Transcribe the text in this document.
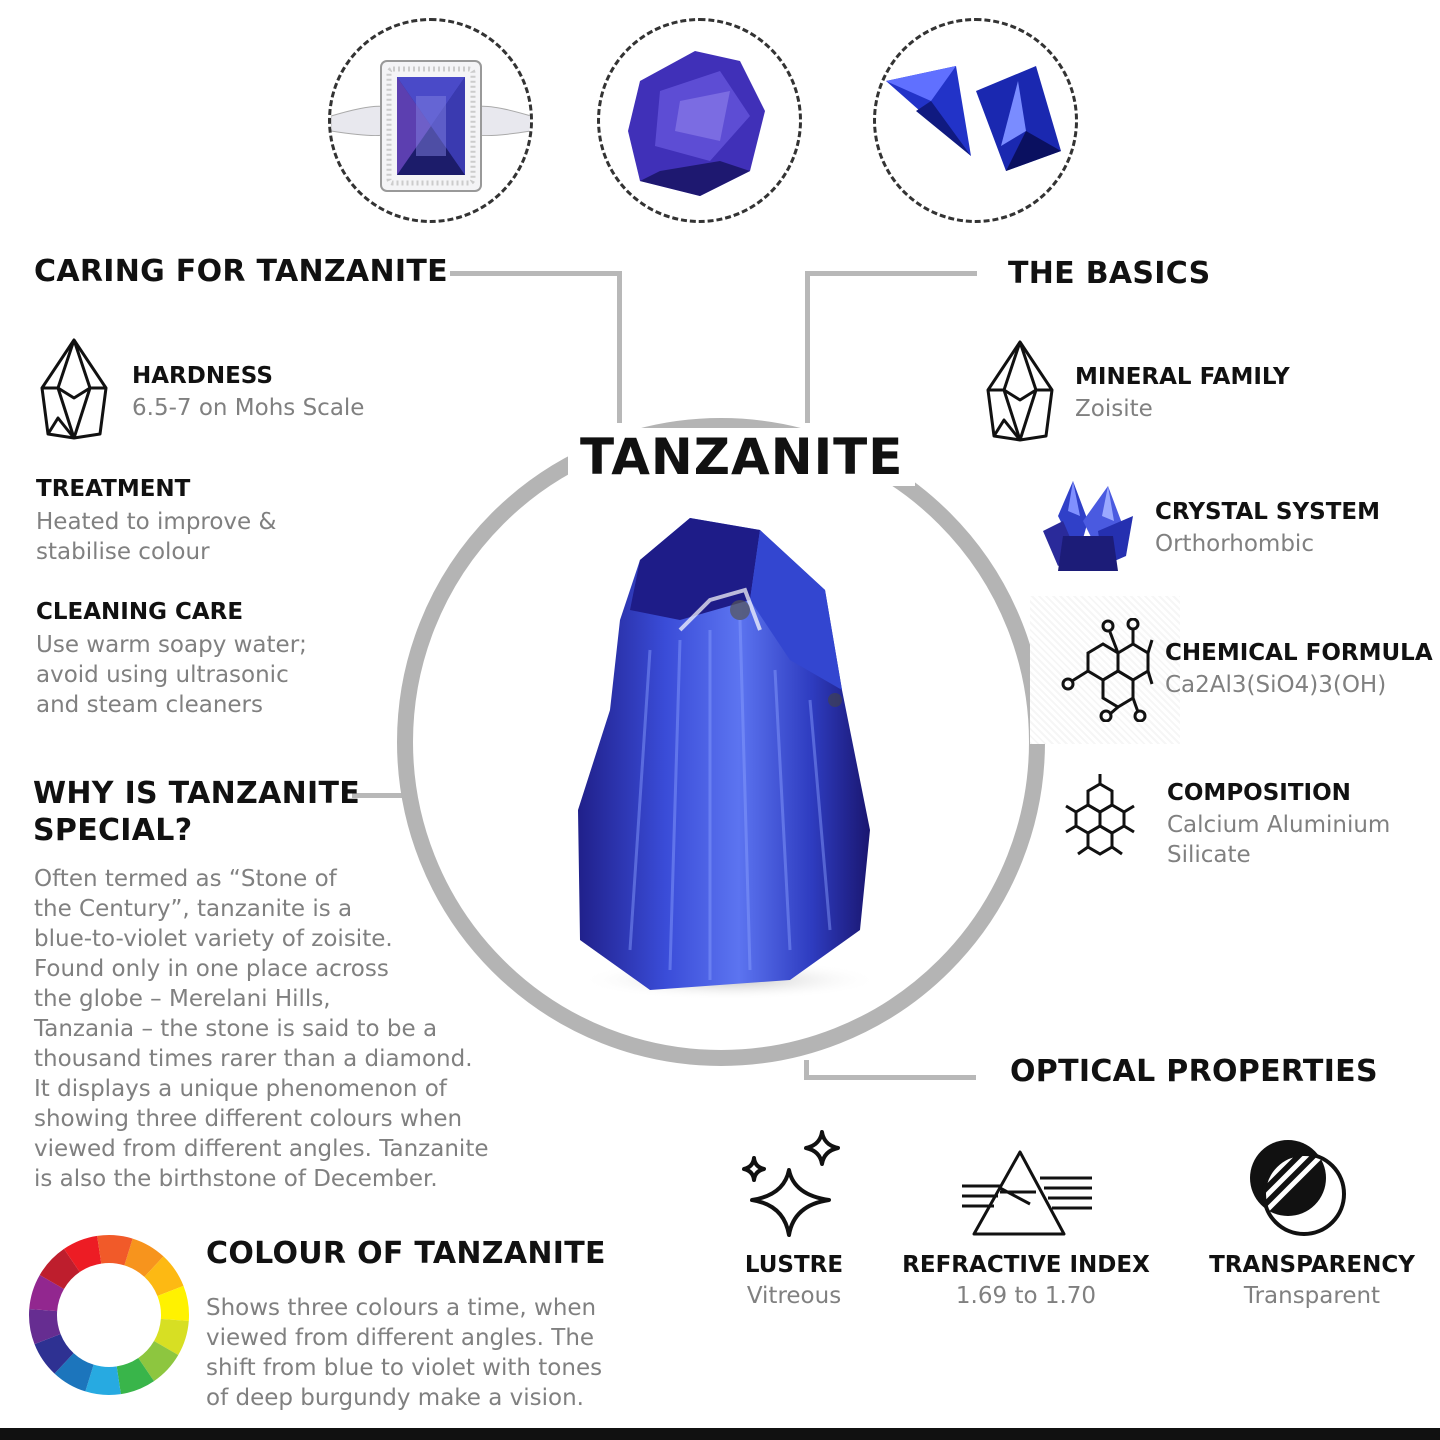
TANZANITE
CARING FOR TANZANITE
HARDNESS
6.5-7 on Mohs Scale
TREATMENT
Heated to improve &
stabilise colour
CLEANING CARE
Use warm soapy water;
avoid using ultrasonic
and steam cleaners
WHY IS TANZANITE
SPECIAL?
Often termed as “Stone of
the Century”, tanzanite is a
blue-to-violet variety of zoisite.
Found only in one place across
the globe – Merelani Hills,
Tanzania – the stone is said to be a
thousand times rarer than a diamond.
It displays a unique phenomenon of
showing three different colours when
viewed from different angles. Tanzanite
is also the birthstone of December.
COLOUR OF TANZANITE
Shows three colours a time, when
viewed from different angles. The
shift from blue to violet with tones
of deep burgundy make a vision.
THE BASICS
MINERAL FAMILY
Zoisite
CRYSTAL SYSTEM
Orthorhombic
CHEMICAL FORMULA
Ca2Al3(SiO4)3(OH)
COMPOSITION
Calcium Aluminium
Silicate
OPTICAL PROPERTIES
LUSTRE
Vitreous
REFRACTIVE INDEX
1.69 to 1.70
TRANSPARENCY
Transparent
